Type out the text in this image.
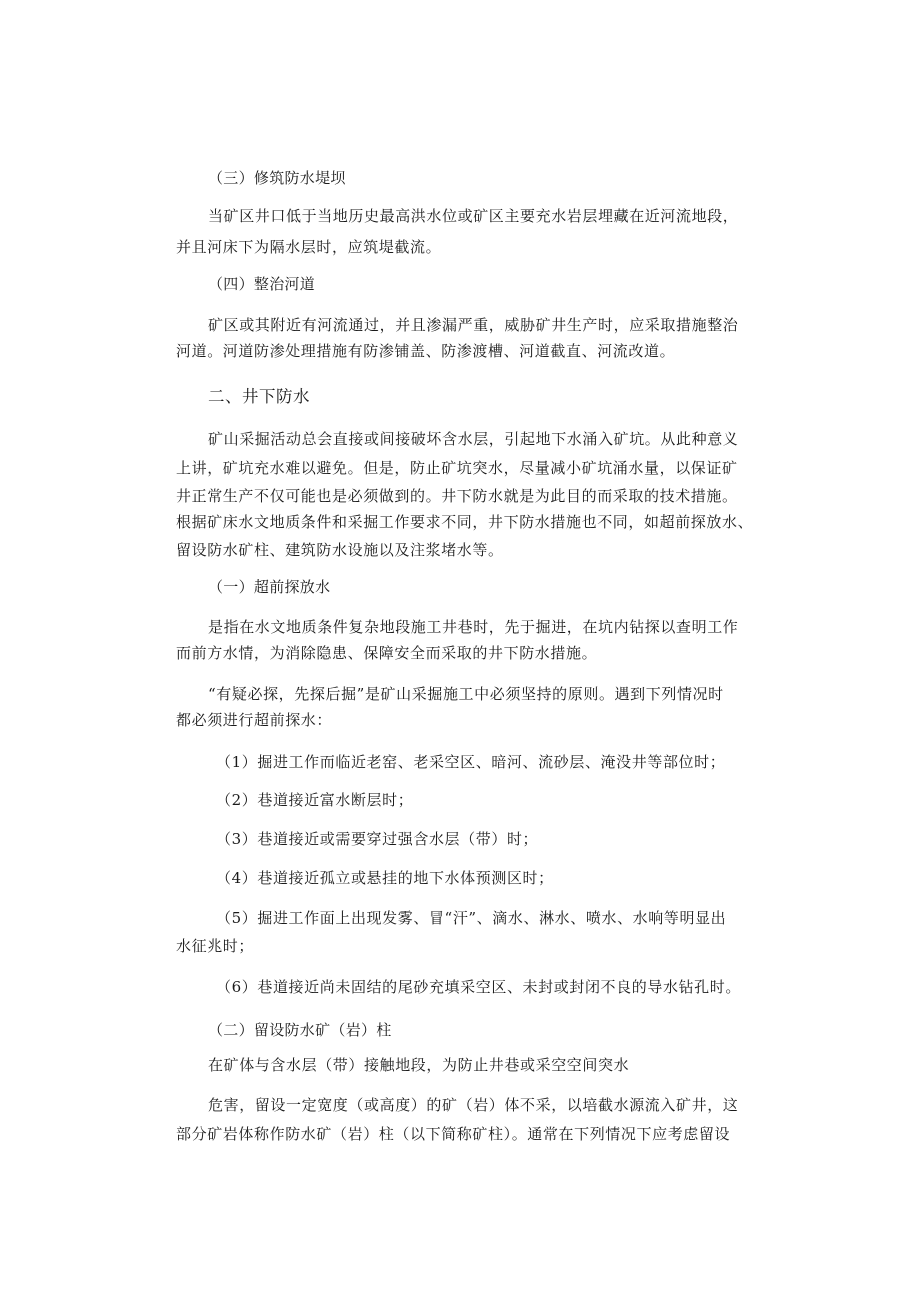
（三）修筑防水堤坝
当矿区井口低于当地历史最高洪水位或矿区主要充水岩层埋藏在近河流地段，
并且河床下为隔水层时，应筑堤截流。
（四）整治河道
矿区或其附近有河流通过，并且渗漏严重，威胁矿井生产时，应采取措施整治
河道。河道防渗处理措施有防渗铺盖、防渗渡槽、河道截直、河流改道。
二、井下防水
矿山采掘活动总会直接或间接破坏含水层，引起地下水涌入矿坑。从此种意义
上讲，矿坑充水难以避免。但是，防止矿坑突水，尽量减小矿坑涌水量，以保证矿
井正常生产不仅可能也是必须做到的。井下防水就是为此目的而采取的技术措施。
根据矿床水文地质条件和采掘工作要求不同，井下防水措施也不同，如超前探放水、
留设防水矿柱、建筑防水设施以及注浆堵水等。
（一）超前探放水
是指在水文地质条件复杂地段施工井巷时，先于掘进，在坑内钻探以查明工作
而前方水情，为消除隐患、保障安全而采取的井下防水措施。
“有疑必探，先探后掘”是矿山采掘施工中必须坚持的原则。遇到下列情况时
都必须进行超前探水：
（1）掘进工作而临近老窑、老采空区、暗河、流砂层、淹没井等部位时；
（2）巷道接近富水断层时；
（3）巷道接近或需要穿过强含水层（带）时；
（4）巷道接近孤立或悬挂的地下水体预测区时；
（5）掘进工作面上出现发雾、冒“汗”、滴水、淋水、喷水、水响等明显出
水征兆时；
（6）巷道接近尚未固结的尾砂充填采空区、未封或封闭不良的导水钻孔时。
（二）留设防水矿（岩）柱
在矿体与含水层（带）接触地段，为防止井巷或采空空间突水
危害，留设一定宽度（或高度）的矿（岩）体不采，以培截水源流入矿井，这
部分矿岩体称作防水矿（岩）柱（以下简称矿柱）。通常在下列情况下应考虑留设
